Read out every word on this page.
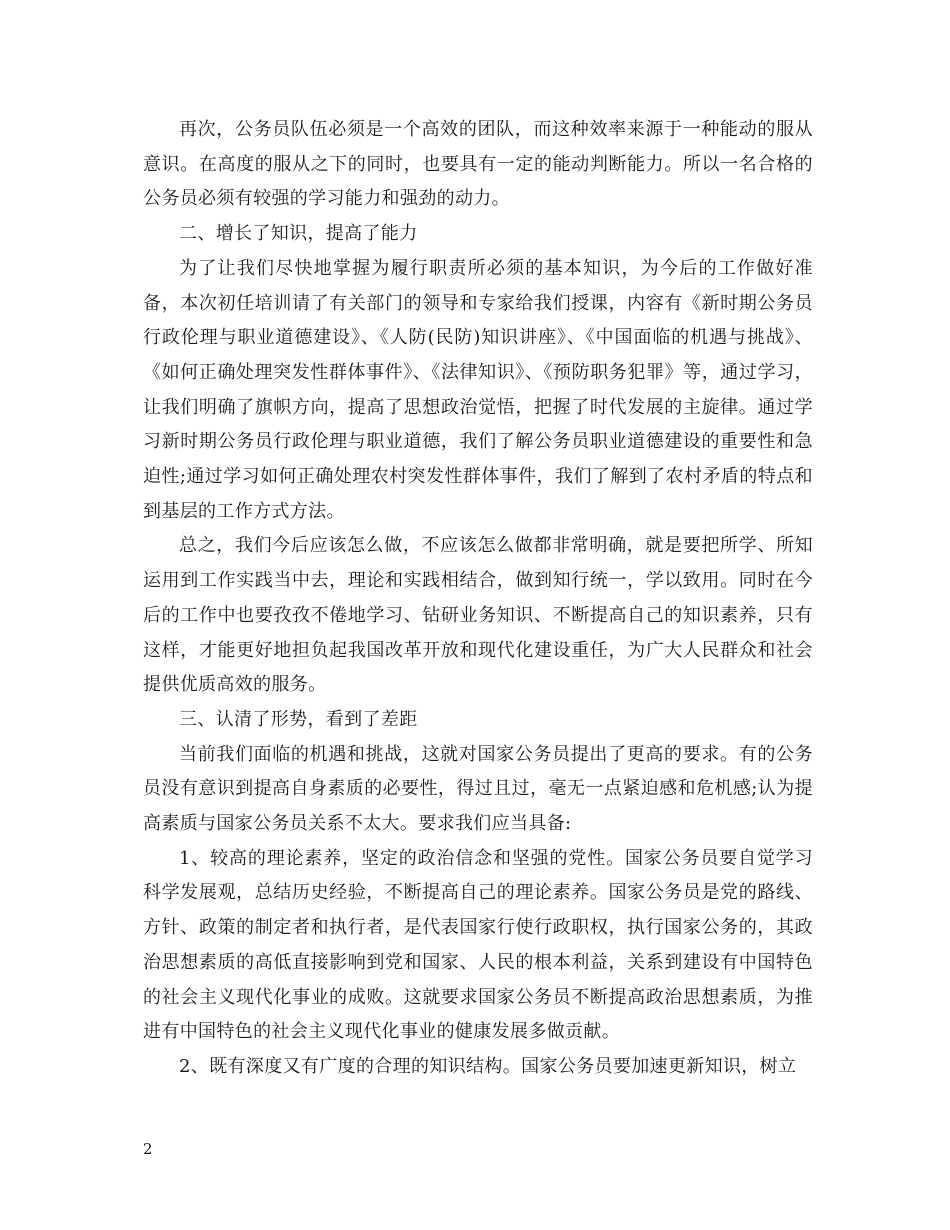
再次，公务员队伍必须是一个高效的团队，而这种效率来源于一种能动的服从意识。在高度的服从之下的同时，也要具有一定的能动判断能力。所以一名合格的公务员必须有较强的学习能力和强劲的动力。

二、增长了知识，提高了能力

为了让我们尽快地掌握为履行职责所必须的基本知识，为今后的工作做好准备，本次初任培训请了有关部门的领导和专家给我们授课，内容有《新时期公务员行政伦理与职业道德建设》、《人防(民防)知识讲座》、《中国面临的机遇与挑战》、《如何正确处理突发性群体事件》、《法律知识》、《预防职务犯罪》等，通过学习，让我们明确了旗帜方向，提高了思想政治觉悟，把握了时代发展的主旋律。通过学习新时期公务员行政伦理与职业道德，我们了解公务员职业道德建设的重要性和急迫性;通过学习如何正确处理农村突发性群体事件，我们了解到了农村矛盾的特点和到基层的工作方式方法。

总之，我们今后应该怎么做，不应该怎么做都非常明确，就是要把所学、所知运用到工作实践当中去，理论和实践相结合，做到知行统一，学以致用。同时在今后的工作中也要孜孜不倦地学习、钻研业务知识、不断提高自己的知识素养，只有这样，才能更好地担负起我国改革开放和现代化建设重任，为广大人民群众和社会提供优质高效的服务。

三、认清了形势，看到了差距

当前我们面临的机遇和挑战，这就对国家公务员提出了更高的要求。有的公务员没有意识到提高自身素质的必要性，得过且过，毫无一点紧迫感和危机感;认为提高素质与国家公务员关系不太大。要求我们应当具备:

1、较高的理论素养，坚定的政治信念和坚强的党性。国家公务员要自觉学习科学发展观，总结历史经验，不断提高自己的理论素养。国家公务员是党的路线、方针、政策的制定者和执行者，是代表国家行使行政职权，执行国家公务的，其政治思想素质的高低直接影响到党和国家、人民的根本利益，关系到建设有中国特色的社会主义现代化事业的成败。这就要求国家公务员不断提高政治思想素质，为推进有中国特色的社会主义现代化事业的健康发展多做贡献。

2、既有深度又有广度的合理的知识结构。国家公务员要加速更新知识，树立

2
